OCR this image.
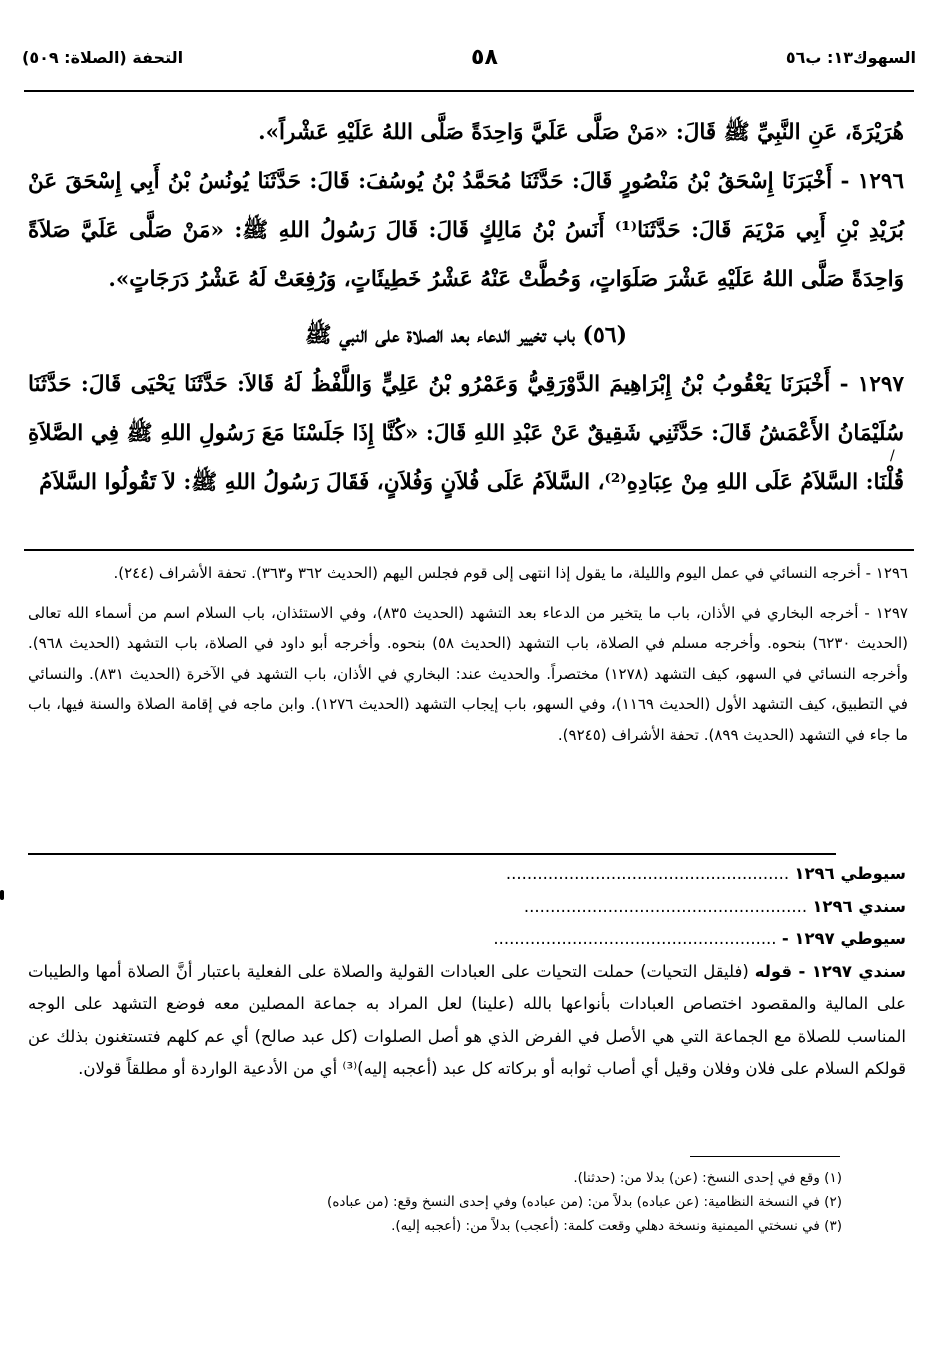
السهوك١٣: ب٥٦
٥٨
التحفة (الصلاة: ٥٠٩)

هُرَيْرَةَ، عَنِ النَّبِيِّ ﷺ قَالَ: «مَنْ صَلَّى عَلَيَّ وَاحِدَةً صَلَّى اللهُ عَلَيْهِ عَشْراً».

١٢٩٦ - أَخْبَرَنَا إِسْحَقُ بْنُ مَنْصُورٍ قَالَ: حَدَّثَنَا مُحَمَّدُ بْنُ يُوسُفَ: قَالَ: حَدَّثَنَا يُونُسُ بْنُ أَبِي إِسْحَقَ عَنْ بُرَيْدِ بْنِ أَبِي مَرْيَمَ قَالَ: حَدَّثَنَا⁽¹⁾ أَنَسُ بْنُ مَالِكٍ قَالَ: قَالَ رَسُولُ اللهِ ﷺ: «مَنْ صَلَّى عَلَيَّ صَلاَةً وَاحِدَةً صَلَّى اللهُ عَلَيْهِ عَشْرَ صَلَوَاتٍ، وَحُطَّتْ عَنْهُ عَشْرُ خَطِيئَاتٍ، وَرُفِعَتْ لَهُ عَشْرُ دَرَجَاتٍ».

(٥٦) باب تخيير الدعاء بعد الصلاة على النبي ﷺ

١٢٩٧ - أَخْبَرَنَا يَعْقُوبُ بْنُ إِبْرَاهِيمَ الدَّوْرَقِيُّ وَعَمْرُو بْنُ عَلِيٍّ وَاللَّفْظُ لَهُ قَالاَ: حَدَّثَنَا يَحْيَى قَالَ: حَدَّثَنَا سُلَيْمَانُ الأَعْمَشُ قَالَ: حَدَّثَنِي شَقِيقٌ عَنْ عَبْدِ اللهِ قَالَ: «كُنَّا إِذَا جَلَسْنَا مَعَ رَسُولِ اللهِ ﷺ فِي الصَّلاَةِ قُلْنَا: السَّلاَمُ عَلَى اللهِ مِنْ عِبَادِهِ⁽²⁾، السَّلاَمُ عَلَى فُلاَنٍ وَفُلاَنٍ، فَقَالَ رَسُولُ اللهِ ﷺ: لاَ تَقُولُوا السَّلاَمُ

١٢٩٦ - أخرجه النسائي في عمل اليوم والليلة، ما يقول إذا انتهى إلى قوم فجلس اليهم (الحديث ٣٦٢ و٣٦٣). تحفة الأشراف (٢٤٤).

١٢٩٧ - أخرجه البخاري في الأذان، باب ما يتخير من الدعاء بعد التشهد (الحديث ٨٣٥)، وفي الاستئذان، باب السلام اسم من أسماء الله تعالى (الحديث ٦٢٣٠) بنحوه. وأخرجه مسلم في الصلاة، باب التشهد (الحديث ٥٨) بنحوه. وأخرجه أبو داود في الصلاة، باب التشهد (الحديث ٩٦٨). وأخرجه النسائي في السهو، كيف التشهد (١٢٧٨) مختصراً. والحديث عند: البخاري في الأذان، باب التشهد في الآخرة (الحديث ٨٣١). والنسائي في التطبيق، كيف التشهد الأول (الحديث ١١٦٩)، وفي السهو، باب إيجاب التشهد (الحديث ١٢٧٦). وابن ماجه في إقامة الصلاة والسنة فيها، باب ما جاء في التشهد (الحديث ٨٩٩). تحفة الأشراف (٩٢٤٥).

سيوطي ١٢٩٦ ......................................................

سندي ١٢٩٦ ......................................................

سيوطي ١٢٩٧ - ......................................................

سندي ١٢٩٧ - قوله (فليقل التحيات) حملت التحيات على العبادات القولية والصلاة على الفعلية باعتبار أنَّ الصلاة أمها والطيبات على المالية والمقصود اختصاص العبادات بأنواعها بالله (علينا) لعل المراد به جماعة المصلين معه فوضع التشهد على الوجه المناسب للصلاة مع الجماعة التي هي الأصل في الفرض الذي هو أصل الصلوات (كل عبد صالح) أي عم كلهم فتستغنون بذلك عن قولكم السلام على فلان وفلان وقيل أي أصاب ثوابه أو بركاته كل عبد (أعجبه إليه)⁽³⁾ أي من الأدعية الواردة أو مطلقاً قولان.

(١) وقع في إحدى النسخ: (عن) بدلا من: (حدثنا).

(٢) في النسخة النظامية: (عن عباده) بدلاً من: (من عباده) وفي إحدى النسخ وقع: (من عباده)

(٣) في نسختي الميمنية ونسخة دهلي وقعت كلمة: (أعجب) بدلاً من: (أعجبه إليه).

/
